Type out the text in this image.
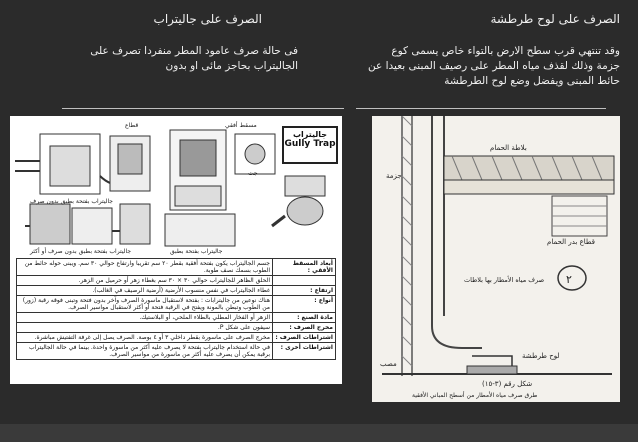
الصرف على لوح طرطشة
وقد تنتهي قرب سطح الارض بالتواء خاص يسمى كوع
جزمة وذلك لقذف مياه المطر على رصيف المبنى بعيدا عن
حائط المبنى ويفضل وضع لوح الطرطشة
الصرف على جاليتراب
فى حالة صرف عامود المطر منفردا تصرف على
الجاليتراب بحاجز مائى او بدون
جاليتراب
Gully Trap
قطاع	مسقط أفقي
جت
جاليتراب بفتحة بطبق بدون صرف أو أكثر	جاليتراب بفتحة بطبق
جاليتراب بفتحة بطبق بدون صرف
أبعاد المسقط الأفقي :	جسم الجاليتراب يكون بفتحة أفقية بقطر ٢٠ سم تقريبا وارتفاع حوالي ٣٠ سم. ويبنى حوله حائط من الطوب بسمك نصف طوبة.
	الحلق الظاهر للجاليتراب حوالي ٣٠ × ٣٠ سم بغطاء زهر أو حرميل من الزهر.
ارتفاع :	غطاء الجاليتراب في نفس منسوب الأرضية (أرضية الرصيف في الغالب).
أنواع :	هناك نوعين من جاليترابات : بفتحة لاستقبال ماسورة الصرف وآخر بدون فتحة وتبنى فوقه رقبة (زور) من الطوب وتبطن بالمونة ويفتح في الرقبة فتحة أو أكثر لاستقبال مواسير الصرف.
مادة الصنع :	الزهر أو الفخار المطلي بالطلاء الملحي، أو البلاستيك.
مخرج الصرف :	سيفون على شكل P.
اشتراطات الصرف :	مخرج الصرف على ماسورة بقطر داخلي ٣ أو ٤ بوصة. الصرف يصل إلى غرفة التفتيش مباشرة.
اشتراطات أخرى :	في حالة استخدام جاليتراب بفتحة لا يصرف عليه أكثر من ماسورة واحدة. بينما في حالة الجاليتراب برقبة يمكن أن يصرف عليه أكثر من ماسورة من مواسير الصرف.
٢
جزمة
بلاطة الحمام
قطاع بدر الحمام
لوح طرطشة
صرف مياه الأمطار بها بلاطات
شكل رقم (٣-١٥)
طرق صرف مياه الأمطار من أسطح المباني الأفقية
مصب
